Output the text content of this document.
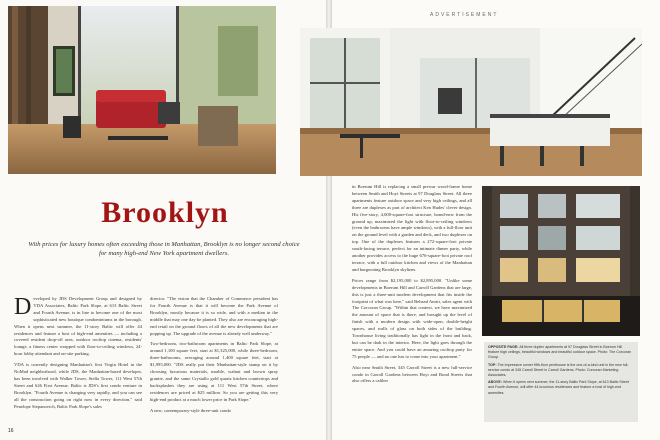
Brooklyn
With prices for luxury homes often exceeding those in Manhattan, Brooklyn is no longer second choice for many high-end New York apartment dwellers.
D eveloped by JDS Development Group and designed by VDA Associates, Baltic Park Slope, at 613 Baltic Street and Fourth Avenue, is in line to become one of the most sophisticated new boutique condominiums in the borough. When it opens next summer, the 11-story Baltic will offer 44 residences and feature a host of high-end amenities — including a covered resident drop-off area, outdoor rooftop cinema, residents' lounge, a fitness center wrapped with floor-to-ceiling windows, 24-hour lobby attendant and on-site parking.

VDA is currently designing Manhattan's first Virgin Hotel in the NoMad neighborhood, while JDS, the Manhattan-based developer, has been involved with Walker Tower, Stella Tower, 111 West 57th Street and 626 First Avenue. Baltic is JDS's first condo venture in Brooklyn. "Fourth Avenue is changing very rapidly, and you can see all the construction going on right now in every direction," said Penelope Stepanovich, Baltic Park Slope's sales

director. "The vision that the Chamber of Commerce president has for Fourth Avenue is that it will become the Park Avenue of Brooklyn, mostly because it is so wide, and with a median in the middle that may one day be planted. They also are encouraging high-end retail on the ground floors of all the new developments that are popping up. The upgrade of the avenue is already well underway."

Two-bedroom, two-bathroom apartments in Baltic Park Slope, at around 1,100 square feet, start at $1,325,000, while three-bedroom, three-bathrooms, averaging around 1,400 square feet, start at $1,995,000. "JDS really put their Manhattan-style stamp on it by choosing luxurious materials, marble, walnut and brown spray granite, and the same Crystallo gold quartz kitchen countertops and backsplashes they are using at 111 West 57th Street, where residences are priced at $25 million. So you are getting this very high-end product at a much lower price in Park Slope."

A new, contemporary-style three-unit condo

16
ADVERTISEMENT

in Boerum Hill is replacing a small prewar wood-frame home between Smith and Hoyt Streets at 97 Douglass Street. All three apartments feature outdoor space and very high ceilings, and all three are duplexes as part of architect Ken Hudes' clever design. His five-story, 4,000-square-foot structure, brand-new from the ground up, maximized the light with floor-to-ceiling windows (even the bathrooms have ample windows), with a full-floor unit on the ground level with a garden and deck, and two duplexes on top. One of the duplexes features a 272-square-foot private south-facing terrace, perfect for an intimate dinner party, while another provides access to the huge 676-square-foot private roof terrace, with a full outdoor kitchen and views of the Manhattan and burgeoning Brooklyn skylines.

Prices range from $2,195,000 to $2,895,000. "Unlike some developments in Boerum Hill and Carroll Gardens that are large, this is just a three-unit modern development that fits inside the footprint of what was here," said Behzad Amiri, sales agent with The Corcoran Group. "Within that context, we have maximized the amount of space that is there, and brought up the level of finish with a modern design with wide-open, double-height spaces, and walls of glass on both sides of the building. Townhouse living traditionally has light in the front and back, but can be dark in the interior. Here, the light goes through the entire space. And you could have an amazing rooftop party for 75 people — and no one has to come into your apartment."

Also near Smith Street, 345 Carroll Street is a new full-service condo in Carroll Gardens between Hoyt and Bond Streets that also offers a caliber

OPPOSITE PAGE: All three duplex apartments at 97 Douglass Street in Boerum Hill feature high ceilings, beautiful windows and beautiful outdoor space. Photo: The Corcoran Group.

TOP: The impressive corner fifth-floor penthouse is the one-of-a-kind unit in the new full-service condo at 345 Carroll Street in Carroll Gardens. Photo: Corcoran Marketing Associates.

ABOVE: When it opens next summer, the 11-story Baltic Park Slope, at 613 Baltic Street and Fourth Avenue, will offer 44 luxurious residences and feature a host of high-end amenities.
